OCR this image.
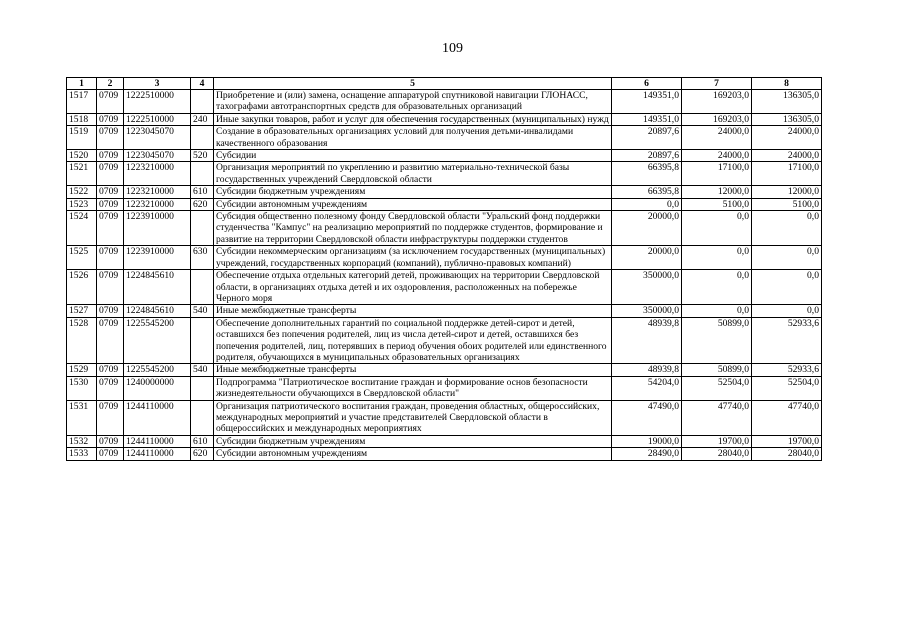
109
1	2	3	4	5	6	7	8
1517	0709	1222510000		Приобретение и (или) замена, оснащение аппаратурой спутниковой навигации ГЛОНАСС, тахографами автотранспортных средств для образовательных организаций	149351,0	169203,0	136305,0
1518	0709	1222510000	240	Иные закупки товаров, работ и услуг для обеспечения государственных (муниципальных) нужд	149351,0	169203,0	136305,0
1519	0709	1223045070		Создание в образовательных организациях условий для получения детьми-инвалидами качественного образования	20897,6	24000,0	24000,0
1520	0709	1223045070	520	Субсидии	20897,6	24000,0	24000,0
1521	0709	1223210000		Организация мероприятий по укреплению и развитию материально-технической базы государственных учреждений Свердловской области	66395,8	17100,0	17100,0
1522	0709	1223210000	610	Субсидии бюджетным учреждениям	66395,8	12000,0	12000,0
1523	0709	1223210000	620	Субсидии автономным учреждениям	0,0	5100,0	5100,0
1524	0709	1223910000		Субсидия общественно полезному фонду Свердловской области "Уральский фонд поддержки студенчества "Кампус" на реализацию мероприятий по поддержке студентов, формирование и развитие на территории Свердловской области инфраструктуры поддержки студентов	20000,0	0,0	0,0
1525	0709	1223910000	630	Субсидии некоммерческим организациям (за исключением государственных (муниципальных) учреждений, государственных корпораций (компаний), публично-правовых компаний)	20000,0	0,0	0,0
1526	0709	1224845610		Обеспечение отдыха отдельных категорий детей, проживающих на территории Свердловской области, в организациях отдыха детей и их оздоровления, расположенных на побережье Черного моря	350000,0	0,0	0,0
1527	0709	1224845610	540	Иные межбюджетные трансферты	350000,0	0,0	0,0
1528	0709	1225545200		Обеспечение дополнительных гарантий по социальной поддержке детей-сирот и детей, оставшихся без попечения родителей, лиц из числа детей-сирот и детей, оставшихся без попечения родителей, лиц, потерявших в период обучения обоих родителей или единственного родителя, обучающихся в муниципальных образовательных организациях	48939,8	50899,0	52933,6
1529	0709	1225545200	540	Иные межбюджетные трансферты	48939,8	50899,0	52933,6
1530	0709	1240000000		Подпрограмма "Патриотическое воспитание граждан и формирование основ безопасности жизнедеятельности обучающихся в Свердловской области"	54204,0	52504,0	52504,0
1531	0709	1244110000		Организация патриотического воспитания граждан, проведения областных, общероссийских, международных мероприятий и участие представителей Свердловской области в общероссийских и международных мероприятиях	47490,0	47740,0	47740,0
1532	0709	1244110000	610	Субсидии бюджетным учреждениям	19000,0	19700,0	19700,0
1533	0709	1244110000	620	Субсидии автономным учреждениям	28490,0	28040,0	28040,0
